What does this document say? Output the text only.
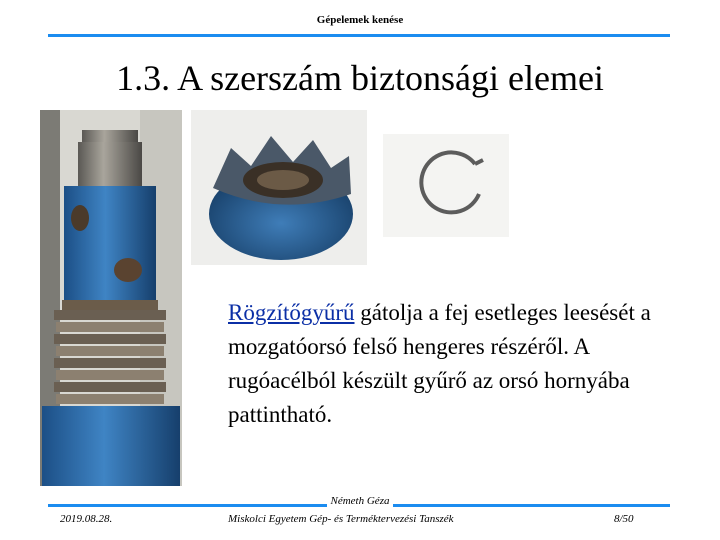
Gépelemek kenése
1.3. A szerszám biztonsági elemei
Rögzítőgyűrű gátolja a fej esetleges leesését a mozgatóorsó felső hengeres részéről. A rugóacélból készült gyűrő az orsó hornyába pattintható.
Németh Géza
2019.08.28.	Miskolci Egyetem Gép- és Terméktervezési Tanszék	8/50
